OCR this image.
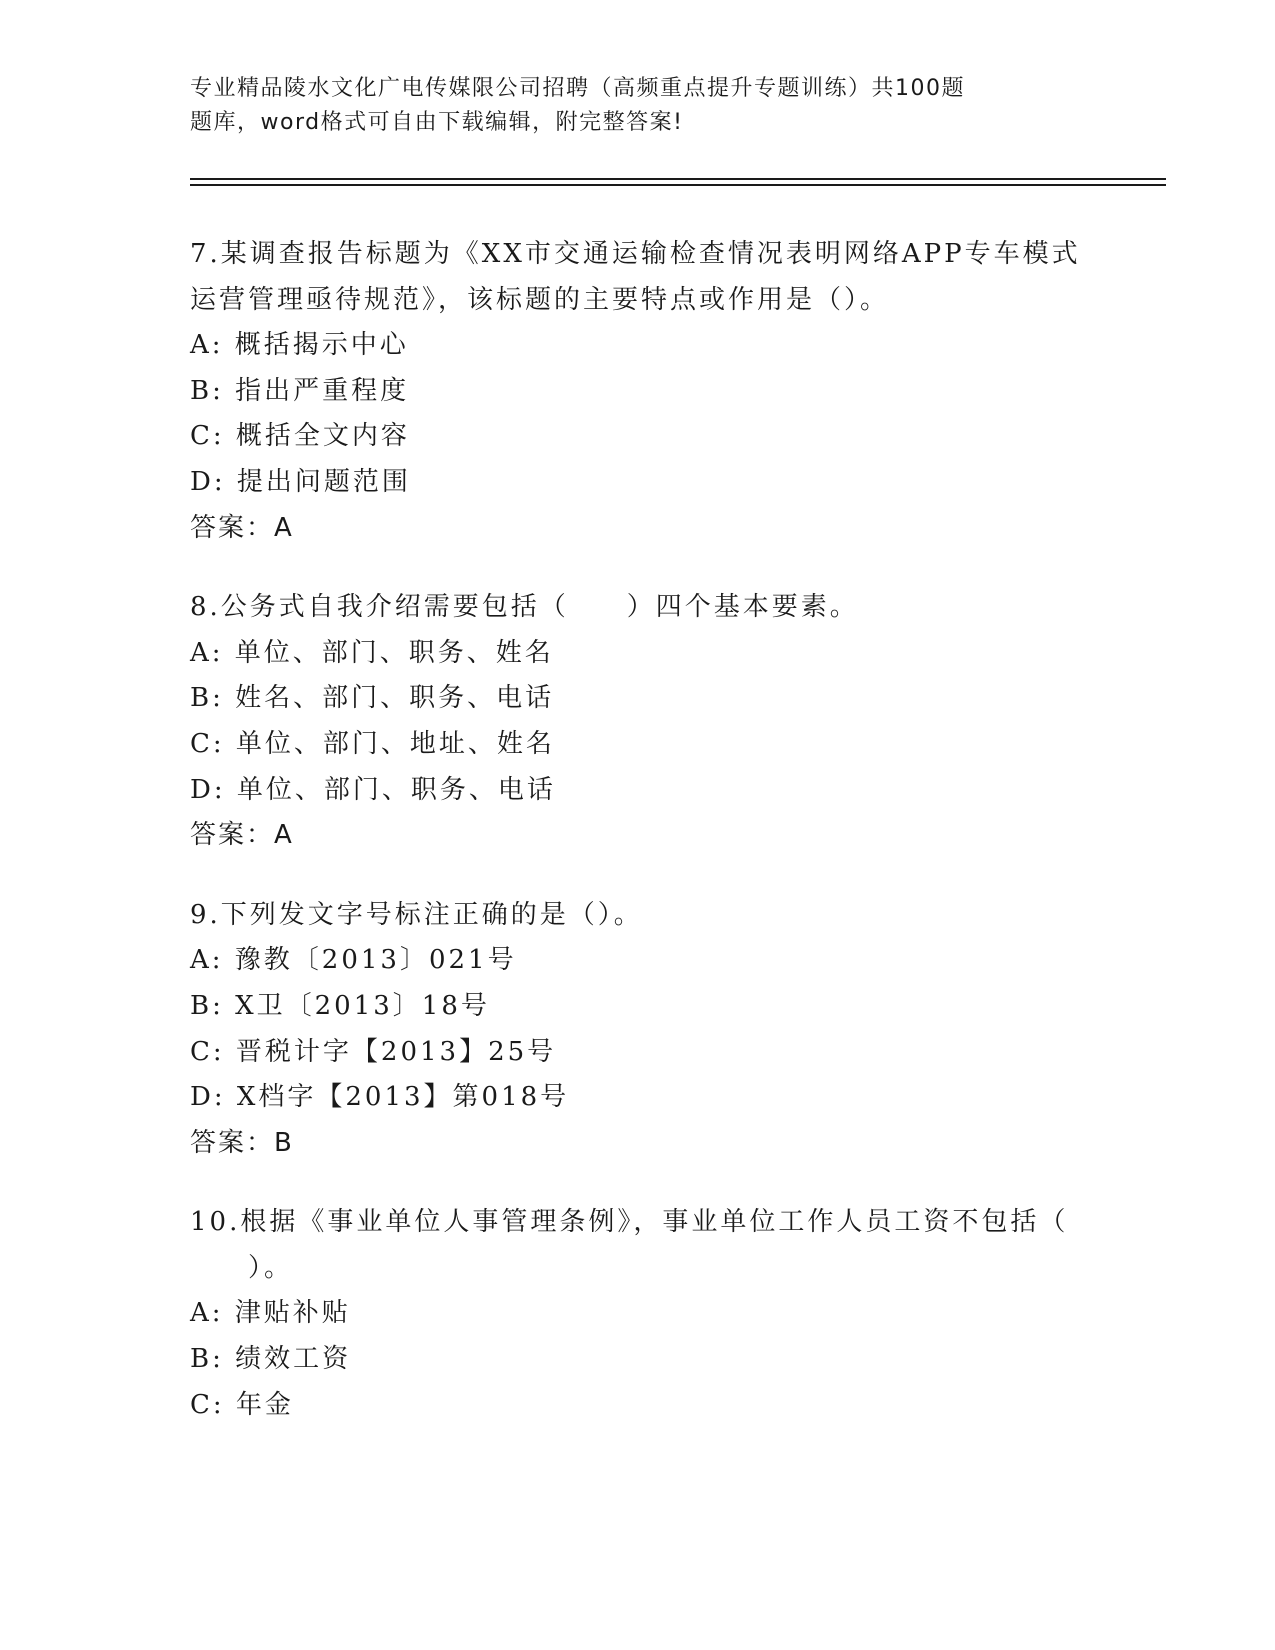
专业精品陵水文化广电传媒限公司招聘（高频重点提升专题训练）共100题
题库，word格式可自由下载编辑，附完整答案!
7.某调查报告标题为《XX市交通运输检查情况表明网络APP专车模式
运营管理亟待规范》，该标题的主要特点或作用是（）。
A: 概括揭示中心
B: 指出严重程度
C: 概括全文内容
D: 提出问题范围
答案：A
8.公务式自我介绍需要包括（　　）四个基本要素。
A: 单位、部门、职务、姓名
B: 姓名、部门、职务、电话
C: 单位、部门、地址、姓名
D: 单位、部门、职务、电话
答案：A
9.下列发文字号标注正确的是（）。
A: 豫教〔2013〕021号
B: X卫〔2013〕18号
C: 晋税计字【2013】25号
D: X档字【2013】第018号
答案：B
10.根据《事业单位人事管理条例》，事业单位工作人员工资不包括（
　　）。
A: 津贴补贴
B: 绩效工资
C: 年金
